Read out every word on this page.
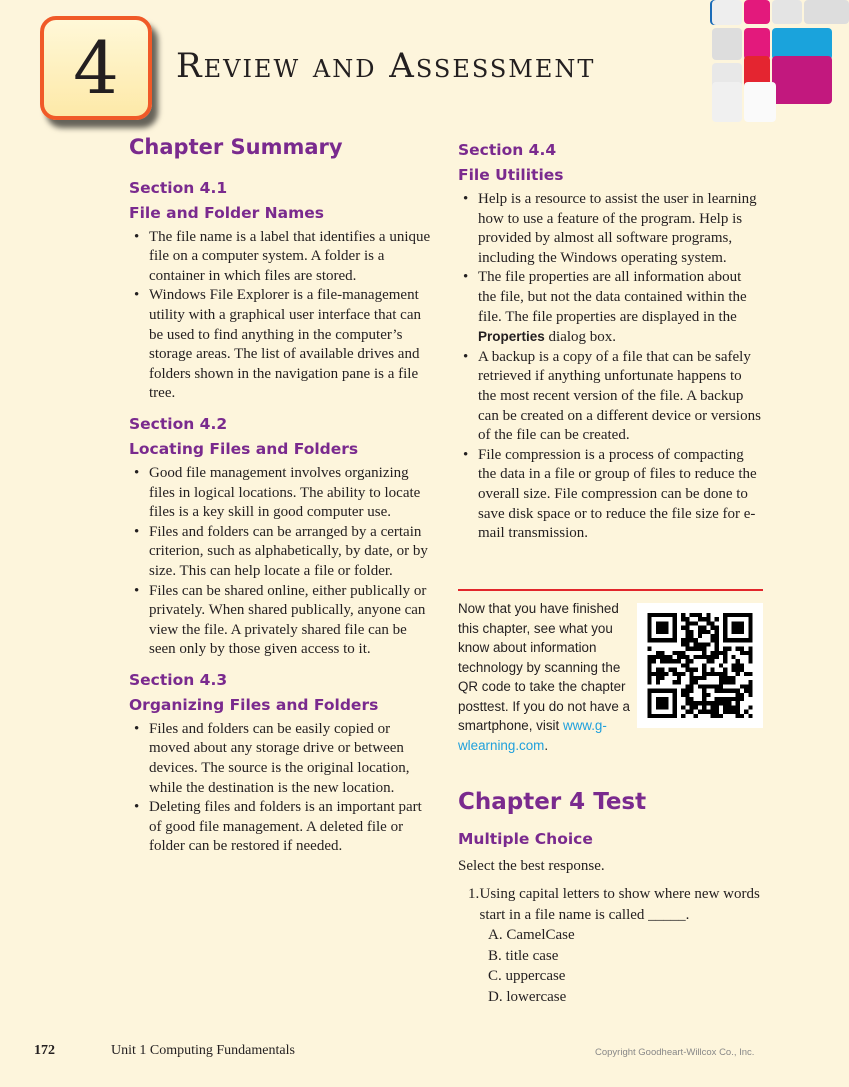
4	Review and Assessment
Chapter Summary
Section 4.1
File and Folder Names
• The file name is a label that identifies a unique file on a computer system. A folder is a container in which files are stored.
• Windows File Explorer is a file-management utility with a graphical user interface that can be used to find anything in the computer’s storage areas. The list of available drives and folders shown in the navigation pane is a file tree.
Section 4.2
Locating Files and Folders
• Good file management involves organizing files in logical locations. The ability to locate files is a key skill in good computer use.
• Files and folders can be arranged by a certain criterion, such as alphabetically, by date, or by size. This can help locate a file or folder.
• Files can be shared online, either publically or privately. When shared publically, anyone can view the file. A privately shared file can be seen only by those given access to it.
Section 4.3
Organizing Files and Folders
• Files and folders can be easily copied or moved about any storage drive or between devices. The source is the original location, while the destination is the new location.
• Deleting files and folders is an important part of good file management. A deleted file or folder can be restored if needed.
Section 4.4
File Utilities
• Help is a resource to assist the user in learning how to use a feature of the program. Help is provided by almost all software programs, including the Windows operating system.
• The file properties are all information about the file, but not the data contained within the file. The file properties are displayed in the Properties dialog box.
• A backup is a copy of a file that can be safely retrieved if anything unfortunate happens to the most recent version of the file. A backup can be created on a different device or versions of the file can be created.
• File compression is a process of compacting the data in a file or group of files to reduce the overall size. File compression can be done to save disk space or to reduce the file size for e-mail transmission.
Now that you have finished this chapter, see what you know about information technology by scanning the QR code to take the chapter posttest. If you do not have a smartphone, visit www.g-wlearning.com.
Chapter 4 Test
Multiple Choice
Select the best response.
1. Using capital letters to show where new words start in a file name is called _____.
A. CamelCase
B. title case
C. uppercase
D. lowercase
172	Unit 1 Computing Fundamentals	Copyright Goodheart-Willcox Co., Inc.
